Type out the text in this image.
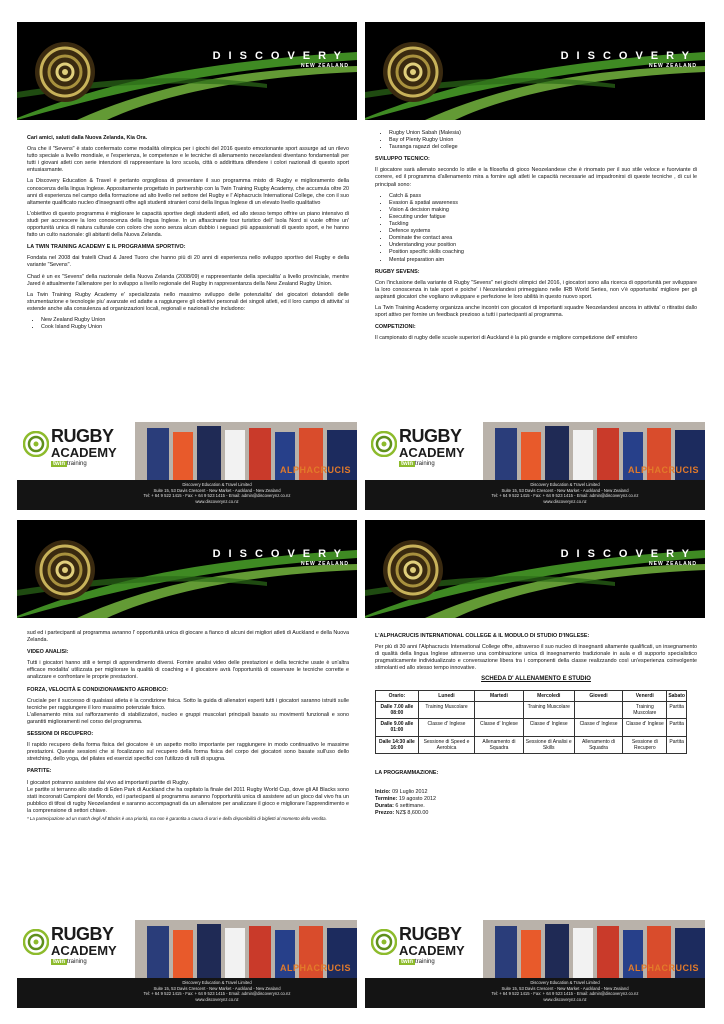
DISCOVERY
NEW ZEALAND
Cari amici, saluti dalla Nuova Zelanda, Kia Ora.

Ora che il "Sevens" è stato confermato come modalità olimpica per i giochi del 2016 questo emozionante sport assurge ad un rilevo tutto speciale a livello mondiale, e l'esperienza, le competenze e le tecniche di allenamento neozelandesi diventano fondamentali per tutti i giovani atleti con serie intenzioni di rappresentare la loro scuola, città o addirittura difendere i colori nazionali di questo sport entusiasmante.

La Discovery Education & Travel è pertanto orgogliosa di presentare il suo programma misto di Rugby e miglioramento della conoscenza della lingua Inglese. Appositamente progettato in partnership con la Twin Training Rugby Academy, che accumula oltre 20 anni di esperienza nel campo della formazione ad alto livello nel settore del Rugby e l' Alphacrucis International College, che con il suo altamente qualificato nucleo d'insegnanti offre agli studenti stranieri corsi della lingua Inglese di un elevato livello qualitativo

L'obiettivo di questo programma è migliorare le capacità sportive degli studenti atleti, ed allo stesso tempo offrire un piano intensivo di studi per accrescere la loro conoscenza della lingua Inglese. In un affascinante tour turistico dell' Isola Nord si vuole offrire un' opportunità unica di natura culturale con coloro che sono senza alcun dubbio i seguaci più appassionati di questo sport, e he hanno fatto un culto nazionale: gli abitanti della Nuova Zelanda.

LA TWIN TRAINING ACADEMY E IL PROGRAMMA SPORTIVO:

Fondata nel 2008 dai fratelli Chad & Jared Tuoro che hanno più di 20 anni di esperienza nello sviluppo sportivo del Rugby e della variante "Sevens".

Chad è un ex "Sevens" della nazionale della Nuova Zelanda (2008/09) e rappresentante della specialita' a livello provinciale, mentre Jared è attualmente l'allenatore per lo sviluppo a livello regionale del Rugby in rappresentanza della New Zealand Rugby Union.

La Twin Training Rugby Academy e' specializzata nello massimo sviluppo delle potenzialita' dei giocatori dotandoli delle strumentazione e tecnologie piu' avanzate ed adatte a raggiungere gli obiettivi personali dei singoli atleti, ed il loro campo di attivita' si estende anche alla consulenza ad organizzazioni locali, regionali e nazionali che includono:

• New Zealand Rugby Union
• Cook Island Rugby Union
RUGBY
ACADEMY
twin training
ALPHACRUCIS
Discovery Education & Travel Limited
Suite 15, 53 Davis Crescent - New Market - Auckland - New Zealand
Tel: + 64 9 522 1415 - Fax: + 64 9 523 1415 - Email: admin@discoverynz.co.nz
www.discoverynz.co.nz
DISCOVERY
NEW ZEALAND
• Rugby Union Sabah (Malesia)
• Bay of Plenty Rugby Union
• Tauranga ragazzi del college
SVILUPPO TECNICO:

Il giocatore sarà allenato secondo lo stile e la filosofia di gioco Neozelandese che è rinomato per il suo stile veloce e fuorviante di correre, ed il programma d'allenamento mira a fornire agli atleti le capacità necessarie ad impadronirsi di queste tecniche , di cui le principali sono:

• Catch & pass
• Evasion & spatial awareness
• Vision & decision making
• Executing under fatigue
• Tackling
• Defence systems
• Dominate the contact area
• Understanding your position
• Position specific skills coaching
• Mental preparation aim
RUGBY SEVENS:

Con l'inclusione della variante di Rugby "Sevens" nei giochi olimpici del 2016, i giocatori sono alla ricerca di opportunità per sviluppare la loro conoscenza in tale sport e poiche' i Neozelandesi primeggiano nelle IRB World Series, non v'è opportunita' migliore per gli aspiranti giocatori che vogliano sviluppare e perfezione le loro abilità in questo nuovo sport.

La Twin Training Academy organizza anche incontri con giocatori di importanti squadre Neozelandesi ancora in attivita' o ritiratisi dallo sport attivo per fornire un feedback prezioso a tutti i partecipanti al programma.

COMPETIZIONI:

Il campionato di rugby delle scuole superiori di Auckland è la più grande e migliore competizione dell' emisfero

RUGBY
ACADEMY
twin training
ALPHACRUCIS
Discovery Education & Travel Limited
Suite 15, 53 Davis Crescent - New Market - Auckland - New Zealand
Tel: + 64 9 522 1415 - Fax: + 64 9 523 1415 - Email: admin@discoverynz.co.nz
www.discoverynz.co.nz
DISCOVERY
NEW ZEALAND

sud ed i partecipanti al programma avranno l' opportunità unica di giocare a fianco di alcuni dei migliori atleti di Auckland e della Nuova Zelanda.

VIDEO ANALISI:

Tutti i giocatori hanno stili e tempi di apprendimento diversi. Fornire analisi video delle prestazioni e della tecniche usate è un'altra efficace modalita' utilizzata per migliorare la qualità di coaching e il giocatore avrà l'opportunità di osservare le tecniche corrette e analizzare e confrontare le proprie prestazioni.

FORZA, VELOCITÀ E CONDIZIONAMENTO AEROBICO:

Cruciale per il successo di qualsiasi atleta è la condizione fisica. Sotto la guida di allenatori esperti tutti i giocatori saranno istruiti sulle tecniche per raggiungere il loro massimo potenziale fisico.

L'allenamento mira sul rafforzamento di stabilizzatori, nucleo e gruppi muscolari principali basato su movimenti funzionali e sono garantiti miglioramenti nel corso del programma.

SESSIONI DI RECUPERO:

Il rapido recupero della forma fisica del giocatore è un aspetto molto importante per raggiungere in modo continuativo le massime prestazioni. Queste sessioni che si focalizzano sul recupero della forma fisica del corpo dei giocatori sono basate sull'uso dello stretching, dello yoga, del pilates ed esercizi specifici con l'utilizzo di rulli di spugna.

PARTITE:

I giocatori potranno assistere dal vivo ad importanti partite di Rugby.

Le partite si terranno allo stadio di Eden Park di Auckland che ha ospitato la finale del 2011 Rugby World Cup, dove gli All Blacks sono stati incoronati Campioni del Mondo, ed i partecipanti al programma avranno l'opportunità unica di assistere ad un gioco dal vivo fra un pubblico di tifosi di rugby Neozelandesi e saranno accompagnati da un allenatore per analizzare il gioco e migliorare l'apprendimento e la comprensione di settori chiave.

* La partecipazione ad un match degli All Blacks è una priorità, ma non è garantita a causa di orari e della disponibilità di biglietti al momento della vendita.

RUGBY
ACADEMY
twin training
ALPHACRUCIS
Discovery Education & Travel Limited
Suite 15, 53 Davis Crescent - New Market - Auckland - New Zealand
Tel: + 64 9 522 1415 - Fax: + 64 9 523 1415 - Email: admin@discoverynz.co.nz
www.discoverynz.co.nz
DISCOVERY
NEW ZEALAND
L'ALPHACRUCIS INTERNATIONAL COLLEGE & IL MODULO DI STUDIO D'INGLESE:

Per più di 30 anni l'Alphacrucis International College offre, attraverso il suo nucleo di insegnanti altamente qualificati, un insegnamento di qualità della lingua Inglese attraverso una combinazione unica di insegnamento tradizionale in aula e di supporto specialistico pragmaticamente individualizzato e conversazione libera tra i componenti della classe realizzando così un'esperienza coinvolgente stimolanti ed allo stesso tempo innovative.

SCHEDA D' ALLENAMENTO E STUDIO
Orario:	Lunedi	Martedi	Mercoledi	Giovedi	Venerdi	Sabato
Dalle 7.00 alle 08:00	Training Muscolare		Training Muscolare		Training Muscolare	Partita
Dalle 9.00 alle 01:00	Classe d' Inglese	Classe d' Inglese	Classe d' Inglese	Classe d' Inglese	Classe d' Inglese	Partita
Dalle 14:30 alle 16:00	Sessione di Speed e Aerobica	Allenamento di Squadra	Sessione di Analisi e Skills	Allenamento di Squadra	Sessione di Recupero	Partita
LA PROGRAMMAZIONE:
Inizio: 09 Luglio 2012
Termine: 19 agosto 2012
Durata: 6 settimane.
Prezzo: NZ$ 8,600.00
RUGBY
ACADEMY
twin training
ALPHACRUCIS
Discovery Education & Travel Limited
Suite 15, 53 Davis Crescent - New Market - Auckland - New Zealand
Tel: + 64 9 522 1415 - Fax: + 64 9 523 1415 - Email: admin@discoverynz.co.nz
www.discoverynz.co.nz
